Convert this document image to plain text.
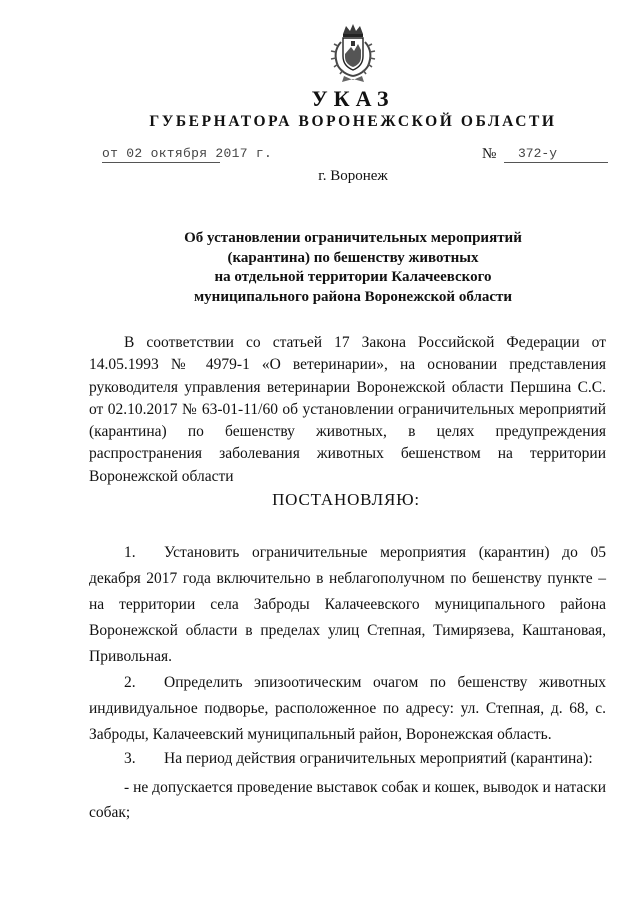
УКАЗ
ГУБЕРНАТОРА ВОРОНЕЖСКОЙ ОБЛАСТИ
от 02 октября 2017 г.	№	372-у
г. Воронеж
Об установлении ограничительных мероприятий
(карантина) по бешенству животных
на отдельной территории Калачеевского
муниципального района Воронежской области
В соответствии со статьей 17 Закона Российской Федерации от 14.05.1993 № 4979-1 «О ветеринарии», на основании представления руководителя управления ветеринарии Воронежской области Першина С.С. от 02.10.2017 № 63-01-11/60 об установлении ограничительных мероприятий (карантина) по бешенству животных, в целях предупреждения распространения заболевания животных бешенством на территории Воронежской области
ПОСТАНОВЛЯЮ:
1. Установить ограничительные мероприятия (карантин) до 05 декабря 2017 года включительно в неблагополучном по бешенству пункте – на территории села Заброды Калачеевского муниципального района Воронежской области в пределах улиц Степная, Тимирязева, Каштановая, Привольная.
2. Определить эпизоотическим очагом по бешенству животных индивидуальное подворье, расположенное по адресу: ул. Степная, д. 68, с. Заброды, Калачеевский муниципальный район, Воронежская область.
3. На период действия ограничительных мероприятий (карантина):
- не допускается проведение выставок собак и кошек, выводок и натаски собак;
